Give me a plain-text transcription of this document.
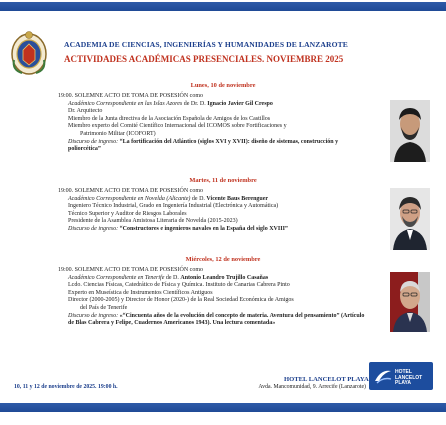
ACADEMIA DE CIENCIAS, INGENIERÍAS Y HUMANIDADES DE LANZAROTE
ACTIVIDADES ACADÉMICAS PRESENCIALES. NOVIEMBRE 2025
Lunes, 10 de noviembre
19:00. SOLEMNE ACTO DE TOMA DE POSESIÓN como
Académico Correspondiente en las Islas Azores de Dr. D. Ignacio Javier Gil Crespo
Dr. Arquitecto
Miembro de la Junta directiva de la Asociación Española de Amigos de los Castillos
Miembro experto del Comité Científico Internacional del ICOMOS sobre Fortificaciones y
Patrimonio Militar (ICOFORT)
Discurso de ingreso: “La fortificación del Atlántico (siglos XVI y XVII): diseño de sistemas, construcción y poliorcética”
Martes, 11 de noviembre
19:00. SOLEMNE ACTO DE TOMA DE POSESIÓN como
Académico Correspondiente en Novelda (Alicante) de D. Vicente Baus Berenguer
Ingeniero Técnico Industrial, Grado en Ingeniería Industrial (Electrónica y Automática)
Técnico Superior y Auditor de Riesgos Laborales
Presidente de la Asamblea Amistosa Literaria de Novelda (2015-2023)
Discurso de ingreso: “Constructores e ingenieros navales en la España del siglo XVIII”
Miércoles, 12 de noviembre
19:00. SOLEMNE ACTO DE TOMA DE POSESIÓN como
Académico Correspondiente en Tenerife de D. Antonio Leandro Trujillo Casañas
Lcdo. Ciencias Físicas, Catedrático de Física y Química. Instituto de Canarias Cabrera Pinto
Experto en Museística de Instrumentos Científicos Antiguos
Director (2000-2005) y Director de Honor (2020-) de la Real Sociedad Económica de Amigos
del País de Tenerife
Discurso de ingreso: «“Cincuenta años de la evolución del concepto de materia. Aventura del pensamiento” (Artículo de Blas Cabrera y Felipe, Cuadernos Americanos 1943). Una lectura comentada»
10, 11 y 12 de noviembre de 2025. 19:00 h.
HOTEL LANCELOT PLAYA
Avda. Mancomunidad, 9. Arrecife (Lanzarote)
HOTEL
LANCELOT
PLAYA
